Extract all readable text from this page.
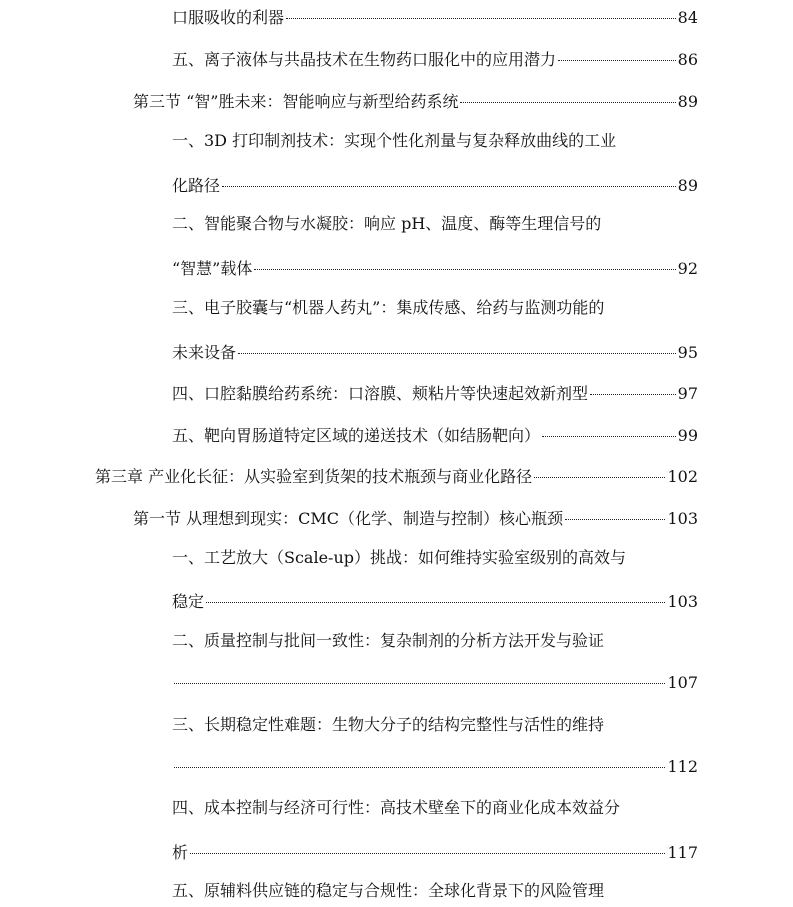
口服吸收的利器	84
五、离子液体与共晶技术在生物药口服化中的应用潜力	86
第三节 “智”胜未来：智能响应与新型给药系统	89
一、3D 打印制剂技术：实现个性化剂量与复杂释放曲线的工业
化路径	89
二、智能聚合物与水凝胶：响应 pH、温度、酶等生理信号的
“智慧”载体	92
三、电子胶囊与“机器人药丸”：集成传感、给药与监测功能的
未来设备	95
四、口腔黏膜给药系统：口溶膜、颊粘片等快速起效新剂型	97
五、靶向胃肠道特定区域的递送技术（如结肠靶向）	99
第三章 产业化长征：从实验室到货架的技术瓶颈与商业化路径	102
第一节 从理想到现实：CMC（化学、制造与控制）核心瓶颈	103
一、工艺放大（Scale-up）挑战：如何维持实验室级别的高效与
稳定	103
二、质量控制与批间一致性：复杂制剂的分析方法开发与验证
107
三、长期稳定性难题：生物大分子的结构完整性与活性的维持
112
四、成本控制与经济可行性：高技术壁垒下的商业化成本效益分
析	117
五、原辅料供应链的稳定与合规性：全球化背景下的风险管理
